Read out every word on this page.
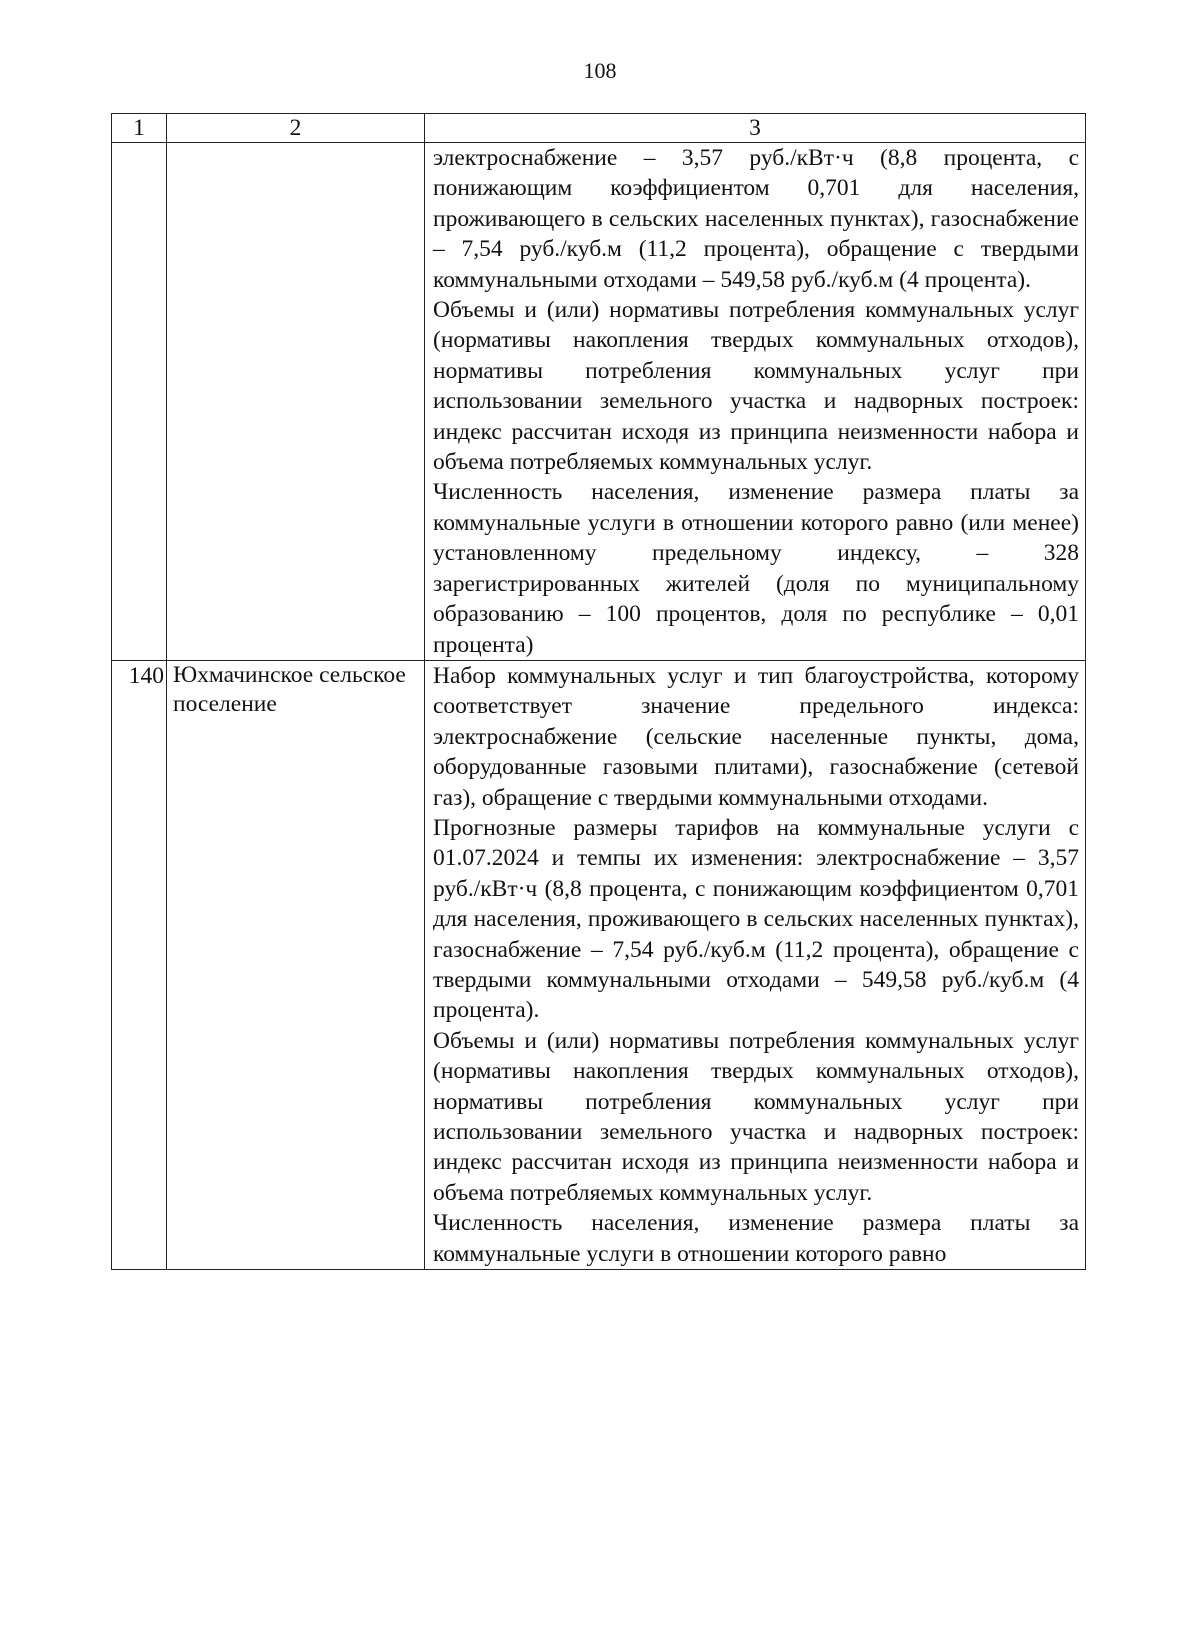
108
1	2	3

		электроснабжение – 3,57 руб./кВт·ч (8,8 процента, с понижающим коэффициентом 0,701 для населения, проживающего в сельских населенных пунктах), газоснабжение – 7,54 руб./куб.м (11,2 процента), обращение с твердыми коммунальными отходами – 549,58 руб./куб.м (4 процента).

Объемы и (или) нормативы потребления коммунальных услуг (нормативы накопления твердых коммунальных отходов), нормативы потребления коммунальных услуг при использовании земельного участка и надворных построек: индекс рассчитан исходя из принципа неизменности набора и объема потребляемых коммунальных услуг.

Численность населения, изменение размера платы за коммунальные услуги в отношении которого равно (или менее) установленному предельному индексу, – 328 зарегистрированных жителей (доля по муниципальному образованию – 100 процентов, доля по республике – 0,01 процента)

140	Юхмачинское сельское поселение	Набор коммунальных услуг и тип благоустройства, которому соответствует значение предельного индекса: электроснабжение (сельские населенные пункты, дома, оборудованные газовыми плитами), газоснабжение (сетевой газ), обращение с твердыми коммунальными отходами.

Прогнозные размеры тарифов на коммунальные услуги с 01.07.2024 и темпы их изменения: электроснабжение – 3,57 руб./кВт·ч (8,8 процента, с понижающим коэффициентом 0,701 для населения, проживающего в сельских населенных пунктах), газоснабжение – 7,54 руб./куб.м (11,2 процента), обращение с твердыми коммунальными отходами – 549,58 руб./куб.м (4 процента).

Объемы и (или) нормативы потребления коммунальных услуг (нормативы накопления твердых коммунальных отходов), нормативы потребления коммунальных услуг при использовании земельного участка и надворных построек: индекс рассчитан исходя из принципа неизменности набора и объема потребляемых коммунальных услуг.

Численность населения, изменение размера платы за коммунальные услуги в отношении которого равно
